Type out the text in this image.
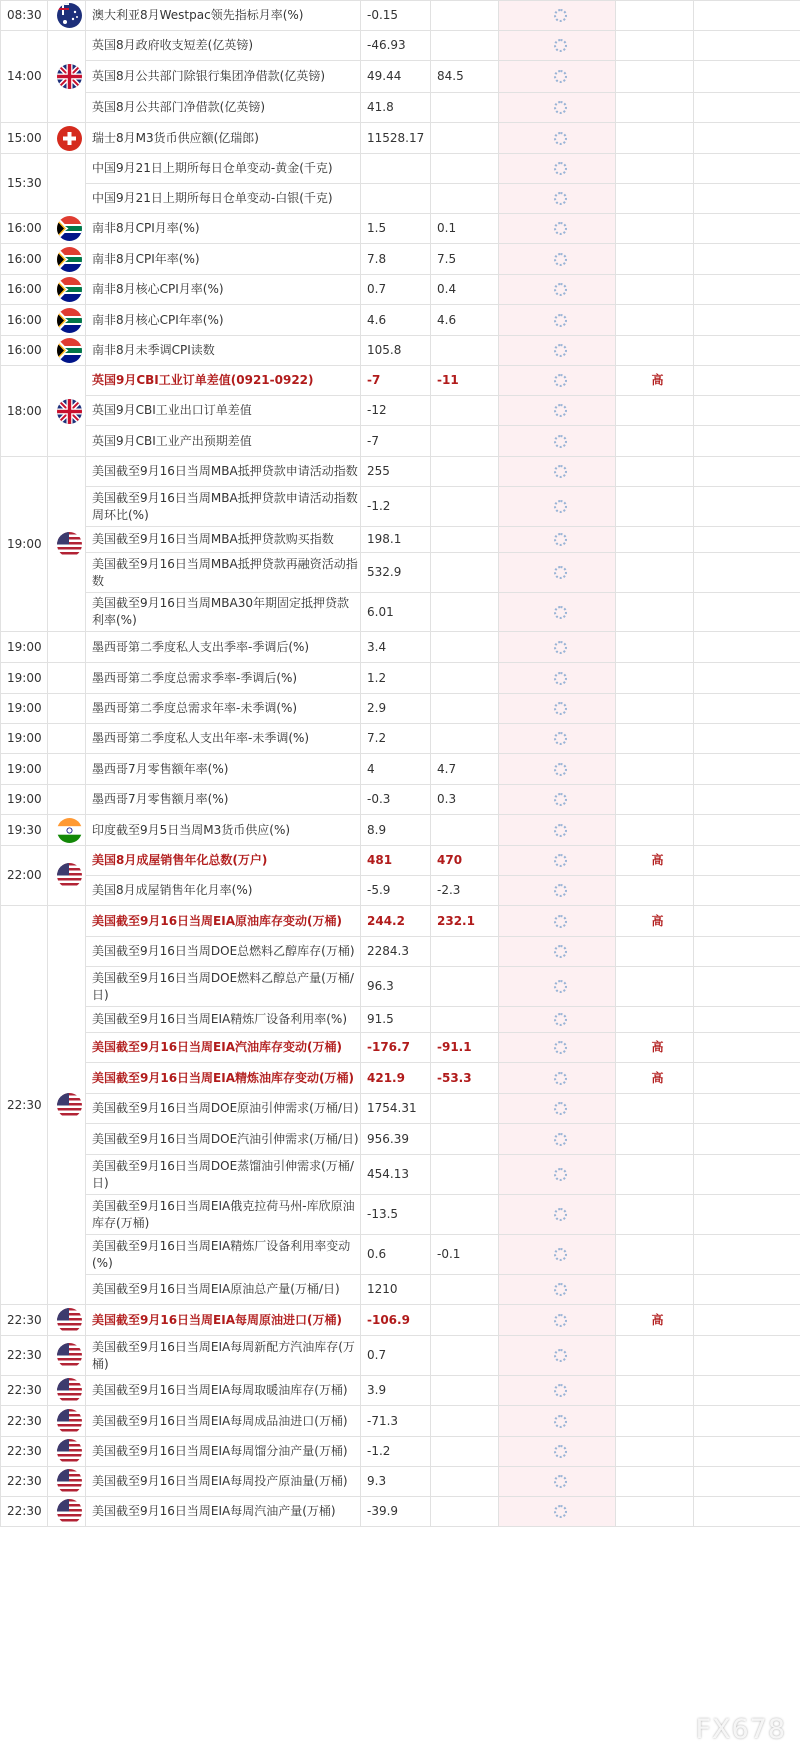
08:30		澳大利亚8月Westpac领先指标月率(%)	-0.15				
14:00		英国8月政府收支短差(亿英镑)	-46.93				
		英国8月公共部门除银行集团净借款(亿英镑)	49.44	84.5			
		英国8月公共部门净借款(亿英镑)	41.8				
15:00		瑞士8月M3货币供应额(亿瑞郎)	11528.17				
15:30		中国9月21日上期所每日仓单变动-黄金(千克)					
		中国9月21日上期所每日仓单变动-白银(千克)					
16:00		南非8月CPI月率(%)	1.5	0.1			
16:00		南非8月CPI年率(%)	7.8	7.5			
16:00		南非8月核心CPI月率(%)	0.7	0.4			
16:00		南非8月核心CPI年率(%)	4.6	4.6			
16:00		南非8月未季调CPI读数	105.8				
18:00		英国9月CBI工业订单差值(0921-0922)	-7	-11		高	
		英国9月CBI工业出口订单差值	-12				
		英国9月CBI工业产出预期差值	-7				
19:00		美国截至9月16日当周MBA抵押贷款申请活动指数	255				
		美国截至9月16日当周MBA抵押贷款申请活动指数周环比(%)	-1.2				
		美国截至9月16日当周MBA抵押贷款购买指数	198.1				
		美国截至9月16日当周MBA抵押贷款再融资活动指数	532.9				
		美国截至9月16日当周MBA30年期固定抵押贷款利率(%)	6.01				
19:00		墨西哥第二季度私人支出季率-季调后(%)	3.4				
19:00		墨西哥第二季度总需求季率-季调后(%)	1.2				
19:00		墨西哥第二季度总需求年率-未季调(%)	2.9				
19:00		墨西哥第二季度私人支出年率-未季调(%)	7.2				
19:00		墨西哥7月零售额年率(%)	4	4.7			
19:00		墨西哥7月零售额月率(%)	-0.3	0.3			
19:30		印度截至9月5日当周M3货币供应(%)	8.9				
22:00		美国8月成屋销售年化总数(万户)	481	470		高	
		美国8月成屋销售年化月率(%)	-5.9	-2.3			
22:30		美国截至9月16日当周EIA原油库存变动(万桶)	244.2	232.1		高	
		美国截至9月16日当周DOE总燃料乙醇库存(万桶)	2284.3				
		美国截至9月16日当周DOE燃料乙醇总产量(万桶/日)	96.3				
		美国截至9月16日当周EIA精炼厂设备利用率(%)	91.5				
		美国截至9月16日当周EIA汽油库存变动(万桶)	-176.7	-91.1		高	
		美国截至9月16日当周EIA精炼油库存变动(万桶)	421.9	-53.3		高	
		美国截至9月16日当周DOE原油引伸需求(万桶/日)	1754.31				
		美国截至9月16日当周DOE汽油引伸需求(万桶/日)	956.39				
		美国截至9月16日当周DOE蒸馏油引伸需求(万桶/日)	454.13				
		美国截至9月16日当周EIA俄克拉荷马州-库欣原油库存(万桶)	-13.5				
		美国截至9月16日当周EIA精炼厂设备利用率变动(%)	0.6	-0.1			
		美国截至9月16日当周EIA原油总产量(万桶/日)	1210				
22:30		美国截至9月16日当周EIA每周原油进口(万桶)	-106.9			高	
22:30		美国截至9月16日当周EIA每周新配方汽油库存(万桶)	0.7				
22:30		美国截至9月16日当周EIA每周取暖油库存(万桶)	3.9				
22:30		美国截至9月16日当周EIA每周成品油进口(万桶)	-71.3				
22:30		美国截至9月16日当周EIA每周馏分油产量(万桶)	-1.2				
22:30		美国截至9月16日当周EIA每周投产原油量(万桶)	9.3				
22:30		美国截至9月16日当周EIA每周汽油产量(万桶)	-39.9				
FX678
